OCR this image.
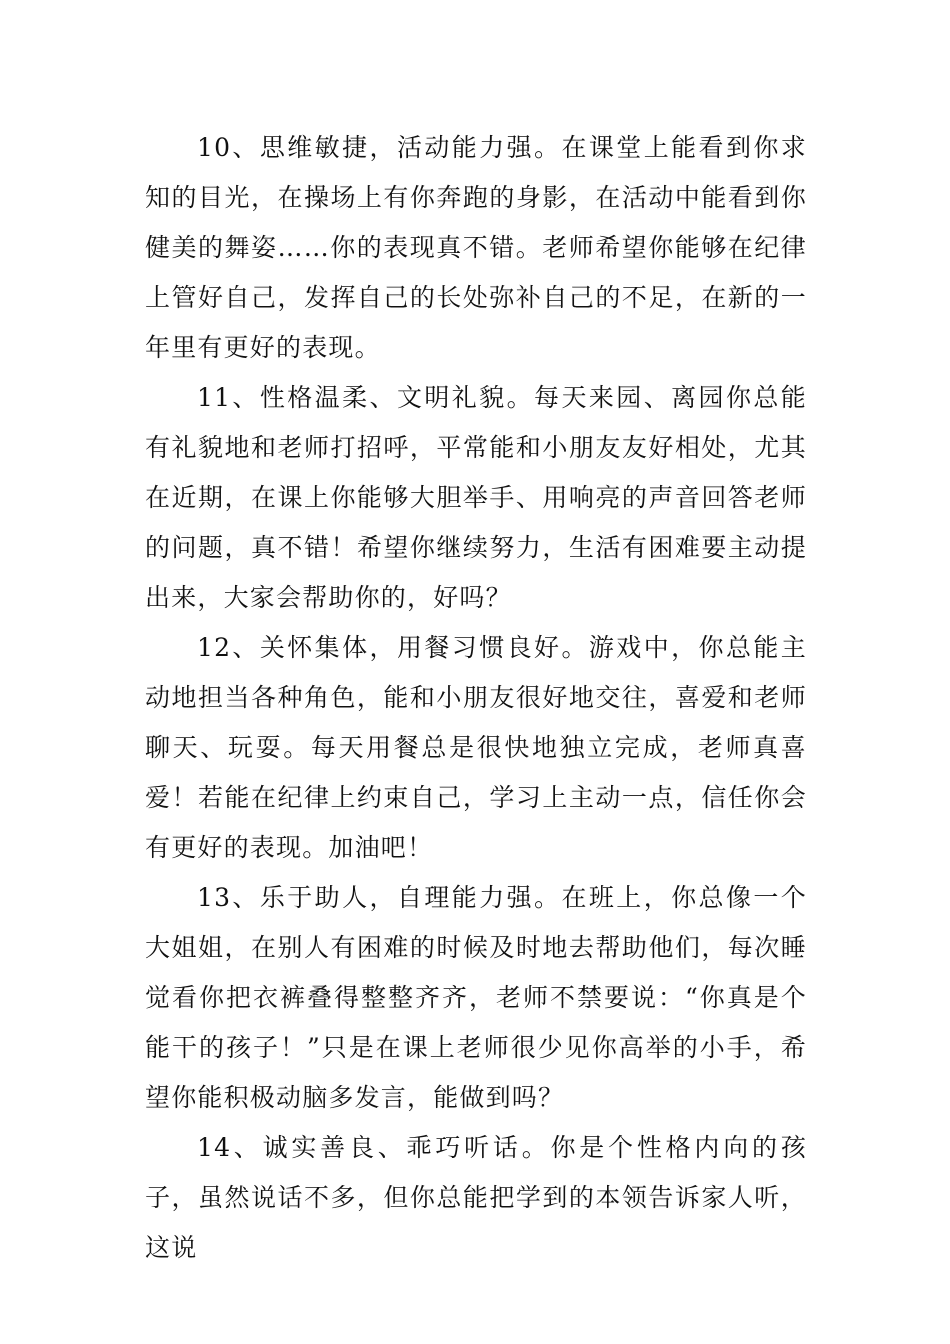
10、思维敏捷，活动能力强。在课堂上能看到你求知的目光，在操场上有你奔跑的身影，在活动中能看到你健美的舞姿……你的表现真不错。老师希望你能够在纪律上管好自己，发挥自己的长处弥补自己的不足，在新的一年里有更好的表现。

11、性格温柔、文明礼貌。每天来园、离园你总能有礼貌地和老师打招呼，平常能和小朋友友好相处，尤其在近期，在课上你能够大胆举手、用响亮的声音回答老师的问题，真不错！希望你继续努力，生活有困难要主动提出来，大家会帮助你的，好吗？

12、关怀集体，用餐习惯良好。游戏中，你总能主动地担当各种角色，能和小朋友很好地交往，喜爱和老师聊天、玩耍。每天用餐总是很快地独立完成，老师真喜爱！若能在纪律上约束自己，学习上主动一点，信任你会有更好的表现。加油吧！

13、乐于助人，自理能力强。在班上，你总像一个大姐姐，在别人有困难的时候及时地去帮助他们，每次睡觉看你把衣裤叠得整整齐齐，老师不禁要说：“你真是个能干的孩子！”只是在课上老师很少见你高举的小手，希望你能积极动脑多发言，能做到吗？

14、诚实善良、乖巧听话。你是个性格内向的孩子，虽然说话不多，但你总能把学到的本领告诉家人听，这说
